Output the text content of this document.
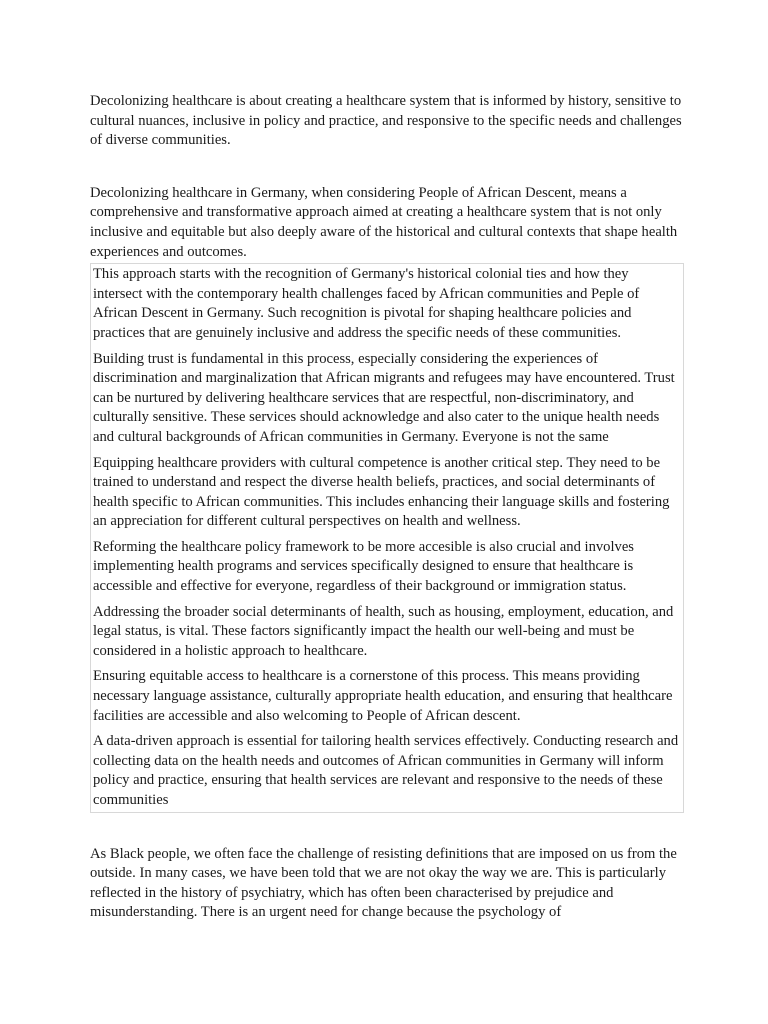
Decolonizing healthcare is about creating a healthcare system that is informed by history, sensitive to cultural nuances, inclusive in policy and practice, and responsive to the specific needs and challenges of diverse communities.

Decolonizing healthcare in Germany, when considering People of African Descent, means a comprehensive and transformative approach aimed at creating a healthcare system that is not only inclusive and equitable but also deeply aware of the historical and cultural contexts that shape health experiences and outcomes.

This approach starts with the recognition of Germany's historical colonial ties and how they intersect with the contemporary health challenges faced by African communities and Peple of African Descent in Germany. Such recognition is pivotal for shaping healthcare policies and practices that are genuinely inclusive and address the specific needs of these communities.

Building trust is fundamental in this process, especially considering the experiences of discrimination and marginalization that African migrants and refugees may have encountered. Trust can be nurtured by delivering healthcare services that are respectful, non-discriminatory, and culturally sensitive. These services should acknowledge and also cater to the unique health needs and cultural backgrounds of African communities in Germany. Everyone is not the same

Equipping healthcare providers with cultural competence is another critical step. They need to be trained to understand and respect the diverse health beliefs, practices, and social determinants of health specific to African communities. This includes enhancing their language skills and fostering an appreciation for different cultural perspectives on health and wellness.

Reforming the healthcare policy framework to be more accesible is also crucial and involves implementing health programs and services specifically designed to ensure that healthcare is accessible and effective for everyone, regardless of their background or immigration status.

Addressing the broader social determinants of health, such as housing, employment, education, and legal status, is vital. These factors significantly impact the health our well-being and must be considered in a holistic approach to healthcare.

Ensuring equitable access to healthcare is a cornerstone of this process. This means providing necessary language assistance, culturally appropriate health education, and ensuring that healthcare facilities are accessible and also welcoming to People of African descent.

A data-driven approach is essential for tailoring health services effectively. Conducting research and collecting data on the health needs and outcomes of African communities in Germany will inform policy and practice, ensuring that health services are relevant and responsive to the needs of these communities

As Black people, we often face the challenge of resisting definitions that are imposed on us from the outside. In many cases, we have been told that we are not okay the way we are. This is particularly reflected in the history of psychiatry, which has often been characterised by prejudice and misunderstanding. There is an urgent need for change because the psychology of
